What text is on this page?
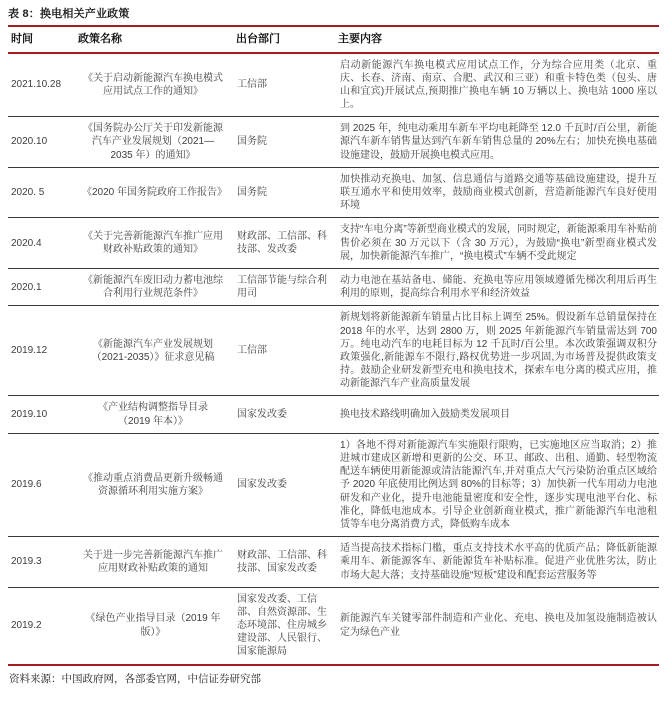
表 8：换电相关产业政策
时间	政策名称	出台部门	主要内容
2021.10.28	《关于启动新能源汽车换电模式应用试点工作的通知》	工信部	启动新能源汽车换电模式应用试点工作，分为综合应用类（北京、重庆、长春、济南、南京、合肥、武汉和三亚）和重卡特色类（包头、唐山和宜宾)开展试点,预期推广换电车辆 10 万辆以上、换电站 1000 座以上。
2020.10	《国务院办公厅关于印发新能源汽车产业发展规划（2021—2035 年）的通知》	国务院	到 2025 年，纯电动乘用车新车平均电耗降至 12.0 千瓦时/百公里，新能源汽车新车销售量达到汽车新车销售总量的 20%左右；加快充换电基础设施建设，鼓励开展换电模式应用。
2020. 5	《2020 年国务院政府工作报告》	国务院	加快推动充换电、加氢、信息通信与道路交通等基础设施建设，提升互联互通水平和使用效率，鼓励商业模式创新，营造新能源汽车良好使用环境
2020.4	《关于完善新能源汽车推广应用财政补贴政策的通知》	财政部、工信部、科技部、发改委	支持“车电分离”等新型商业模式的发展，同时规定，新能源乘用车补贴前售价必须在 30 万元以下（含 30 万元），为鼓励“换电”新型商业模式发展，加快新能源汽车推广，“换电模式”车辆不受此规定
2020.1	《新能源汽车废旧动力蓄电池综合利用行业规范条件》	工信部节能与综合利用司	动力电池在基站备电、储能、充换电等应用领域遵循先梯次利用后再生利用的原则，提高综合利用水平和经济效益
2019.12	《新能源汽车产业发展规划（2021-2035）》征求意见稿	工信部	新规划将新能源新车销量占比目标上调至 25%。假设新车总销量保持在 2018 年的水平，达到 2800 万，则 2025 年新能源汽车销量需达到 700 万。纯电动汽车的电耗目标为 12 千瓦时/百公里。本次政策强调双积分政策强化,新能源车不限行,路权优势进一步巩固,为市场普及提供政策支持。鼓励企业研发新型充电和换电技术，探索车电分离的模式应用，推动新能源汽车产业高质量发展
2019.10	《产业结构调整指导目录（2019 年本）》	国家发改委	换电技术路线明确加入鼓励类发展项目
2019.6	《推动重点消费品更新升级畅通资源循环利用实施方案》	国家发改委	1）各地不得对新能源汽车实施限行限购，已实施地区应当取消；2）推进城市建成区新增和更新的公交、环卫、邮政、出租、通勤、轻型物流配送车辆使用新能源或清洁能源汽车,并对重点大气污染防治重点区域给予 2020 年底使用比例达到 80%的目标等；3）加快新一代车用动力电池研发和产业化，提升电池能量密度和安全性，逐步实现电池平台化、标准化，降低电池成本。引导企业创新商业模式，推广新能源汽车电池租赁等车电分离消费方式，降低购车成本
2019.3	关于进一步完善新能源汽车推广应用财政补贴政策的通知	财政部、工信部、科技部、国家发改委	适当提高技术指标门槛，重点支持技术水平高的优质产品；降低新能源乘用车、新能源客车、新能源货车补贴标准。促进产业优胜劣汰，防止市场大起大落；支持基础设施“短板”建设和配套运营服务等
2019.2	《绿色产业指导目录（2019 年版）》	国家发改委、工信部、自然资源部、生态环境部、住房城乡建设部、人民银行、国家能源局	新能源汽车关键零部件制造和产业化、充电、换电及加氢设施制造被认定为绿色产业
资料来源：中国政府网，各部委官网，中信证券研究部
